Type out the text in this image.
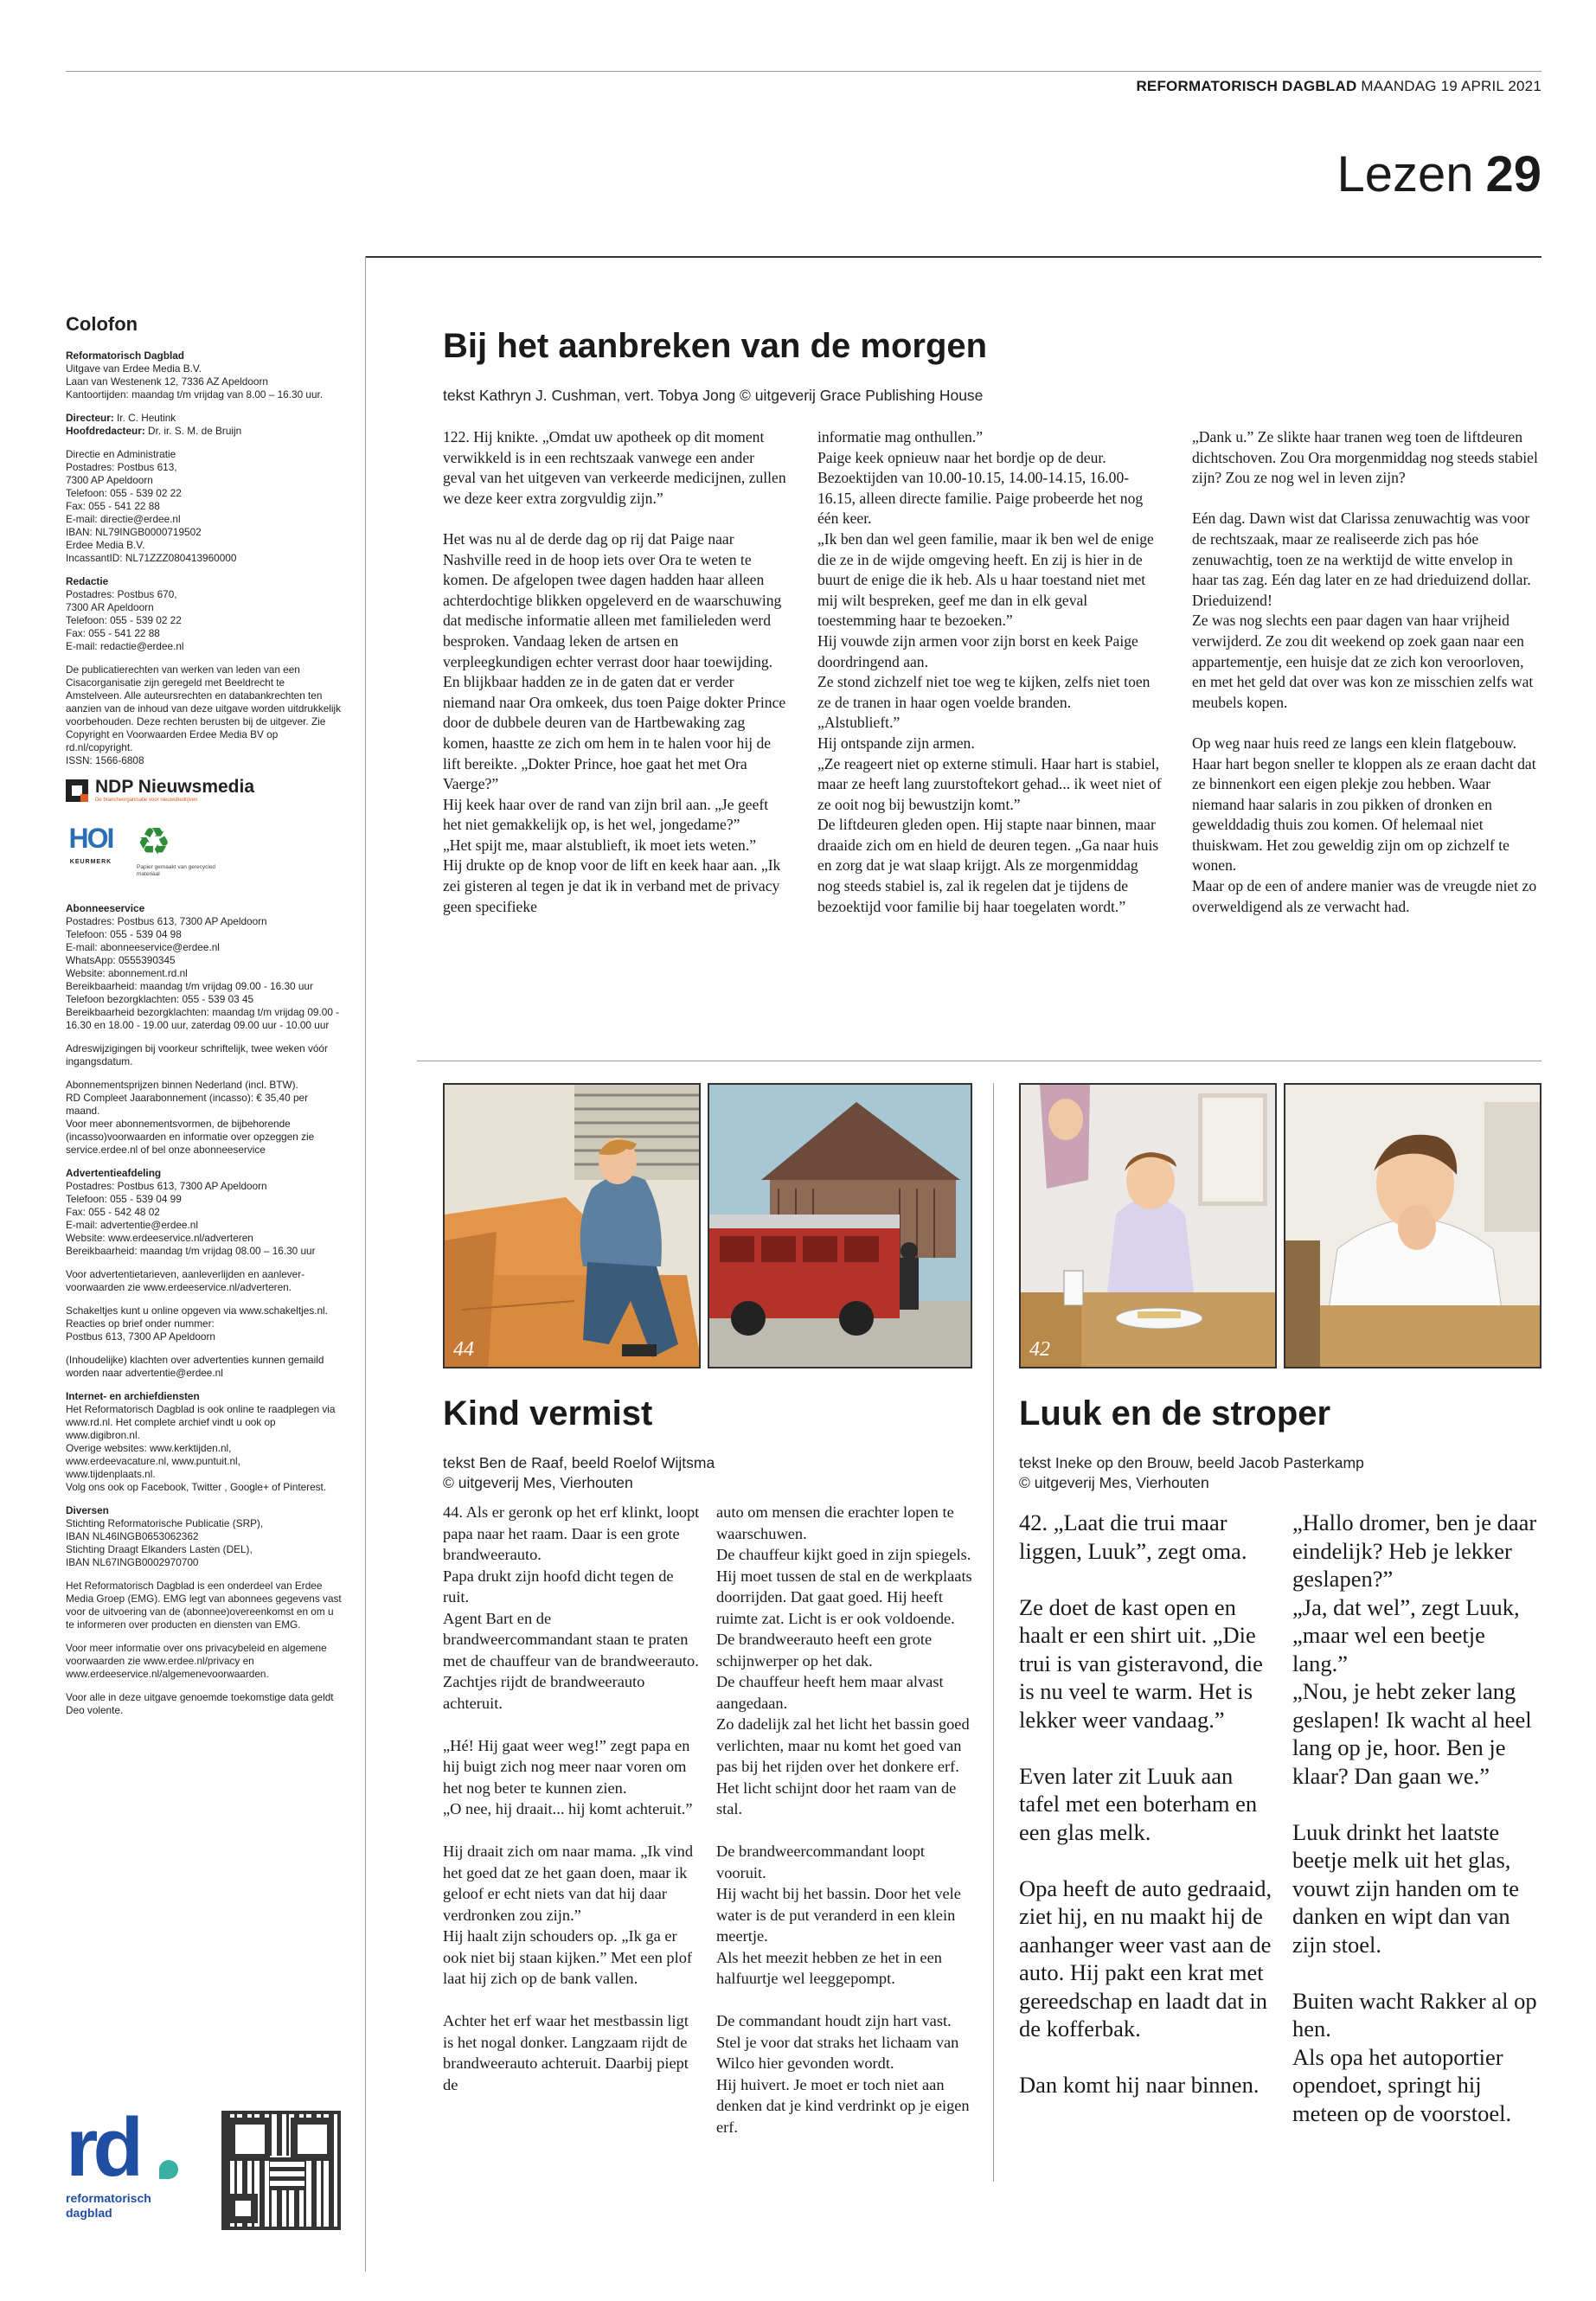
REFORMATORISCH DAGBLAD MAANDAG 19 APRIL 2021
Lezen 29
Colofon
Reformatorisch Dagblad

Uitgave van Erdee Media B.V.
Laan van Westenenk 12, 7336 AZ Apeldoorn
Kantoortijden: maandag t/m vrijdag van 8.00 – 16.30 uur.

Directeur: Ir. C. Heutink
Hoofdredacteur: Dr. ir. S. M. de Bruijn

Directie en Administratie
Postadres: Postbus 613,
7300 AP Apeldoorn
Telefoon: 055 - 539 02 22
Fax: 055 - 541 22 88
E-mail: directie@erdee.nl
IBAN: NL79INGB0000719502
Erdee Media B.V.
IncassantID: NL71ZZZ080413960000

Redactie

Postadres: Postbus 670,
7300 AR Apeldoorn
Telefoon: 055 - 539 02 22
Fax: 055 - 541 22 88
E-mail: redactie@erdee.nl

De publicatierechten van werken van leden van een Cisacorganisatie zijn geregeld met Beeldrecht te Amstelveen. Alle auteursrechten en databankrechten ten aanzien van de inhoud van deze uitgave worden uitdrukkelijk voorbehouden. Deze rechten berusten bij de uitgever. Zie Copyright en Voorwaarden Erdee Media BV op rd.nl/copyright.
ISSN: 1566-6808

NDP Nieuwsmedia
De brancheorganisatie voor nieuwsbedrijven
HOI
KEURMERK ♻
Papier gemaakt van gerecycled materiaal
Abonneeservice

Postadres: Postbus 613, 7300 AP Apeldoorn
Telefoon: 055 - 539 04 98
E-mail: abonneeservice@erdee.nl
WhatsApp: 0555390345
Website: abonnement.rd.nl
Bereikbaarheid: maandag t/m vrijdag 09.00 - 16.30 uur
Telefoon bezorgklachten: 055 - 539 03 45
Bereikbaarheid bezorgklachten: maandag t/m vrijdag 09.00 - 16.30 en 18.00 - 19.00 uur, zaterdag 09.00 uur - 10.00 uur

Adreswijzigingen bij voorkeur schriftelijk, twee weken vóór ingangsdatum.

Abonnementsprijzen binnen Nederland (incl. BTW).
RD Compleet Jaarabonnement (incasso): € 35,40 per maand.
Voor meer abonnementsvormen, de bijbehorende (incasso)voorwaarden en informatie over opzeggen zie service.erdee.nl of bel onze abonneeservice

Advertentieafdeling

Postadres: Postbus 613, 7300 AP Apeldoorn
Telefoon: 055 - 539 04 99
Fax: 055 - 542 48 02
E-mail: advertentie@erdee.nl
Website: www.erdeeservice.nl/adverteren
Bereikbaarheid: maandag t/m vrijdag 08.00 – 16.30 uur

Voor advertentietarieven, aanleverlijden en aanlever-voorwaarden zie www.erdeeservice.nl/adverteren.

Schakeltjes kunt u online opgeven via www.schakeltjes.nl.
Reacties op brief onder nummer:
Postbus 613, 7300 AP Apeldoorn

(Inhoudelijke) klachten over advertenties kunnen gemaild worden naar advertentie@erdee.nl

Internet- en archiefdiensten

Het Reformatorisch Dagblad is ook online te raadplegen via www.rd.nl. Het complete archief vindt u ook op
www.digibron.nl.
Overige websites: www.kerktijden.nl,
www.erdeevacature.nl, www.puntuit.nl,
www.tijdenplaats.nl.
Volg ons ook op Facebook, Twitter , Google+ of Pinterest.

Diversen

Stichting Reformatorische Publicatie (SRP),
IBAN NL46INGB0653062362
Stichting Draagt Elkanders Lasten (DEL),
IBAN NL67INGB0002970700

Het Reformatorisch Dagblad is een onderdeel van Erdee Media Groep (EMG). EMG legt van abonnees gegevens vast voor de uitvoering van de (abonnee)overeenkomst en om u te informeren over producten en diensten van EMG.

Voor meer informatie over ons privacybeleid en algemene voorwaarden zie www.erdee.nl/privacy en www.erdeeservice.nl/algemenevoorwaarden.

Voor alle in deze uitgave genoemde toekomstige data geldt Deo volente.

rd
reformatorisch
dagblad
Bij het aanbreken van de morgen
tekst Kathryn J. Cushman, vert. Tobya Jong © uitgeverij Grace Publishing House
122. Hij knikte. „Omdat uw apotheek op dit moment verwikkeld is in een rechtszaak vanwege een ander geval van het uitgeven van verkeerde medicijnen, zullen we deze keer extra zorgvuldig zijn.”

Het was nu al de derde dag op rij dat Paige naar Nashville reed in de hoop iets over Ora te weten te komen. De afgelopen twee dagen hadden haar alleen achterdochtige blikken opgeleverd en de waarschuwing dat medische informatie alleen met familieleden werd besproken. Vandaag leken de artsen en verpleegkundigen echter verrast door haar toewijding. En blijkbaar hadden ze in de gaten dat er verder niemand naar Ora omkeek, dus toen Paige dokter Prince door de dubbele deuren van de Hartbewaking zag komen, haastte ze zich om hem in te halen voor hij de lift bereikte. „Dokter Prince, hoe gaat het met Ora Vaerge?”
Hij keek haar over de rand van zijn bril aan. „Je geeft het niet gemakkelijk op, is het wel, jongedame?”
„Het spijt me, maar alstublieft, ik moet iets weten.”
Hij drukte op de knop voor de lift en keek haar aan. „Ik zei gisteren al tegen je dat ik in verband met de privacy geen specifieke
informatie mag onthullen.”
Paige keek opnieuw naar het bordje op de deur. Bezoektijden van 10.00-10.15, 14.00-14.15, 16.00-16.15, alleen directe familie. Paige probeerde het nog één keer.
„Ik ben dan wel geen familie, maar ik ben wel de enige die ze in de wijde omgeving heeft. En zij is hier in de buurt de enige die ik heb. Als u haar toestand niet met mij wilt bespreken, geef me dan in elk geval toestemming haar te bezoeken.”
Hij vouwde zijn armen voor zijn borst en keek Paige doordringend aan.
Ze stond zichzelf niet toe weg te kijken, zelfs niet toen ze de tranen in haar ogen voelde branden.
„Alstublieft.”
Hij ontspande zijn armen.
„Ze reageert niet op externe stimuli. Haar hart is stabiel, maar ze heeft lang zuurstoftekort gehad... ik weet niet of ze ooit nog bij bewustzijn komt.”
De liftdeuren gleden open. Hij stapte naar binnen, maar draaide zich om en hield de deuren tegen. „Ga naar huis en zorg dat je wat slaap krijgt. Als ze morgenmiddag nog steeds stabiel is, zal ik regelen dat je tijdens de bezoektijd voor familie bij haar toegelaten wordt.”
„Dank u.” Ze slikte haar tranen weg toen de liftdeuren dichtschoven. Zou Ora morgenmiddag nog steeds stabiel zijn? Zou ze nog wel in leven zijn?

Eén dag. Dawn wist dat Clarissa zenuwachtig was voor de rechtszaak, maar ze realiseerde zich pas hóe zenuwachtig, toen ze na werktijd de witte envelop in haar tas zag. Eén dag later en ze had drieduizend dollar. Drieduizend!
Ze was nog slechts een paar dagen van haar vrijheid verwijderd. Ze zou dit weekend op zoek gaan naar een appartementje, een huisje dat ze zich kon veroorloven, en met het geld dat over was kon ze misschien zelfs wat meubels kopen.

Op weg naar huis reed ze langs een klein flatgebouw. Haar hart begon sneller te kloppen als ze eraan dacht dat ze binnenkort een eigen plekje zou hebben. Waar niemand haar salaris in zou pikken of dronken en gewelddadig thuis zou komen. Of helemaal niet thuiskwam. Het zou geweldig zijn om op zichzelf te wonen.
Maar op de een of andere manier was de vreugde niet zo overweldigend als ze verwacht had.
44	42
Kind vermist
tekst Ben de Raaf, beeld Roelof Wijtsma
© uitgeverij Mes, Vierhouten
44. Als er geronk op het erf klinkt, loopt papa naar het raam. Daar is een grote brandweerauto.
Papa drukt zijn hoofd dicht tegen de ruit.
Agent Bart en de brandweercommandant staan te praten met de chauffeur van de brandweerauto.
Zachtjes rijdt de brandweerauto achteruit.

„Hé! Hij gaat weer weg!” zegt papa en hij buigt zich nog meer naar voren om het nog beter te kunnen zien.
„O nee, hij draait... hij komt achteruit.”

Hij draait zich om naar mama. „Ik vind het goed dat ze het gaan doen, maar ik geloof er echt niets van dat hij daar verdronken zou zijn.”
Hij haalt zijn schouders op. „Ik ga er ook niet bij staan kijken.” Met een plof laat hij zich op de bank vallen.

Achter het erf waar het mestbassin ligt is het nogal donker. Langzaam rijdt de brandweerauto achteruit. Daarbij piept de
auto om mensen die erachter lopen te waarschuwen.
De chauffeur kijkt goed in zijn spiegels.
Hij moet tussen de stal en de werkplaats doorrijden. Dat gaat goed. Hij heeft ruimte zat. Licht is er ook voldoende.
De brandweerauto heeft een grote schijnwerper op het dak.
De chauffeur heeft hem maar alvast aangedaan.
Zo dadelijk zal het licht het bassin goed verlichten, maar nu komt het goed van pas bij het rijden over het donkere erf. Het licht schijnt door het raam van de stal.

De brandweercommandant loopt vooruit.
Hij wacht bij het bassin. Door het vele water is de put veranderd in een klein meertje.
Als het meezit hebben ze het in een halfuurtje wel leeggepompt.

De commandant houdt zijn hart vast. Stel je voor dat straks het lichaam van Wilco hier gevonden wordt.
Hij huivert. Je moet er toch niet aan denken dat je kind verdrinkt op je eigen erf.
Luuk en de stroper
tekst Ineke op den Brouw, beeld Jacob Pasterkamp
© uitgeverij Mes, Vierhouten
42. „Laat die trui maar liggen, Luuk”, zegt oma.

Ze doet de kast open en haalt er een shirt uit. „Die trui is van gisteravond, die is nu veel te warm. Het is lekker weer vandaag.”

Even later zit Luuk aan tafel met een boterham en een glas melk.

Opa heeft de auto gedraaid, ziet hij, en nu maakt hij de aanhanger weer vast aan de auto. Hij pakt een krat met gereedschap en laadt dat in de kofferbak.

Dan komt hij naar binnen.
„Hallo dromer, ben je daar eindelijk? Heb je lekker geslapen?”
„Ja, dat wel”, zegt Luuk, „maar wel een beetje lang.”
„Nou, je hebt zeker lang geslapen! Ik wacht al heel lang op je, hoor. Ben je klaar? Dan gaan we.”

Luuk drinkt het laatste beetje melk uit het glas, vouwt zijn handen om te danken en wipt dan van zijn stoel.

Buiten wacht Rakker al op hen.
Als opa het autoportier opendoet, springt hij meteen op de voorstoel.
